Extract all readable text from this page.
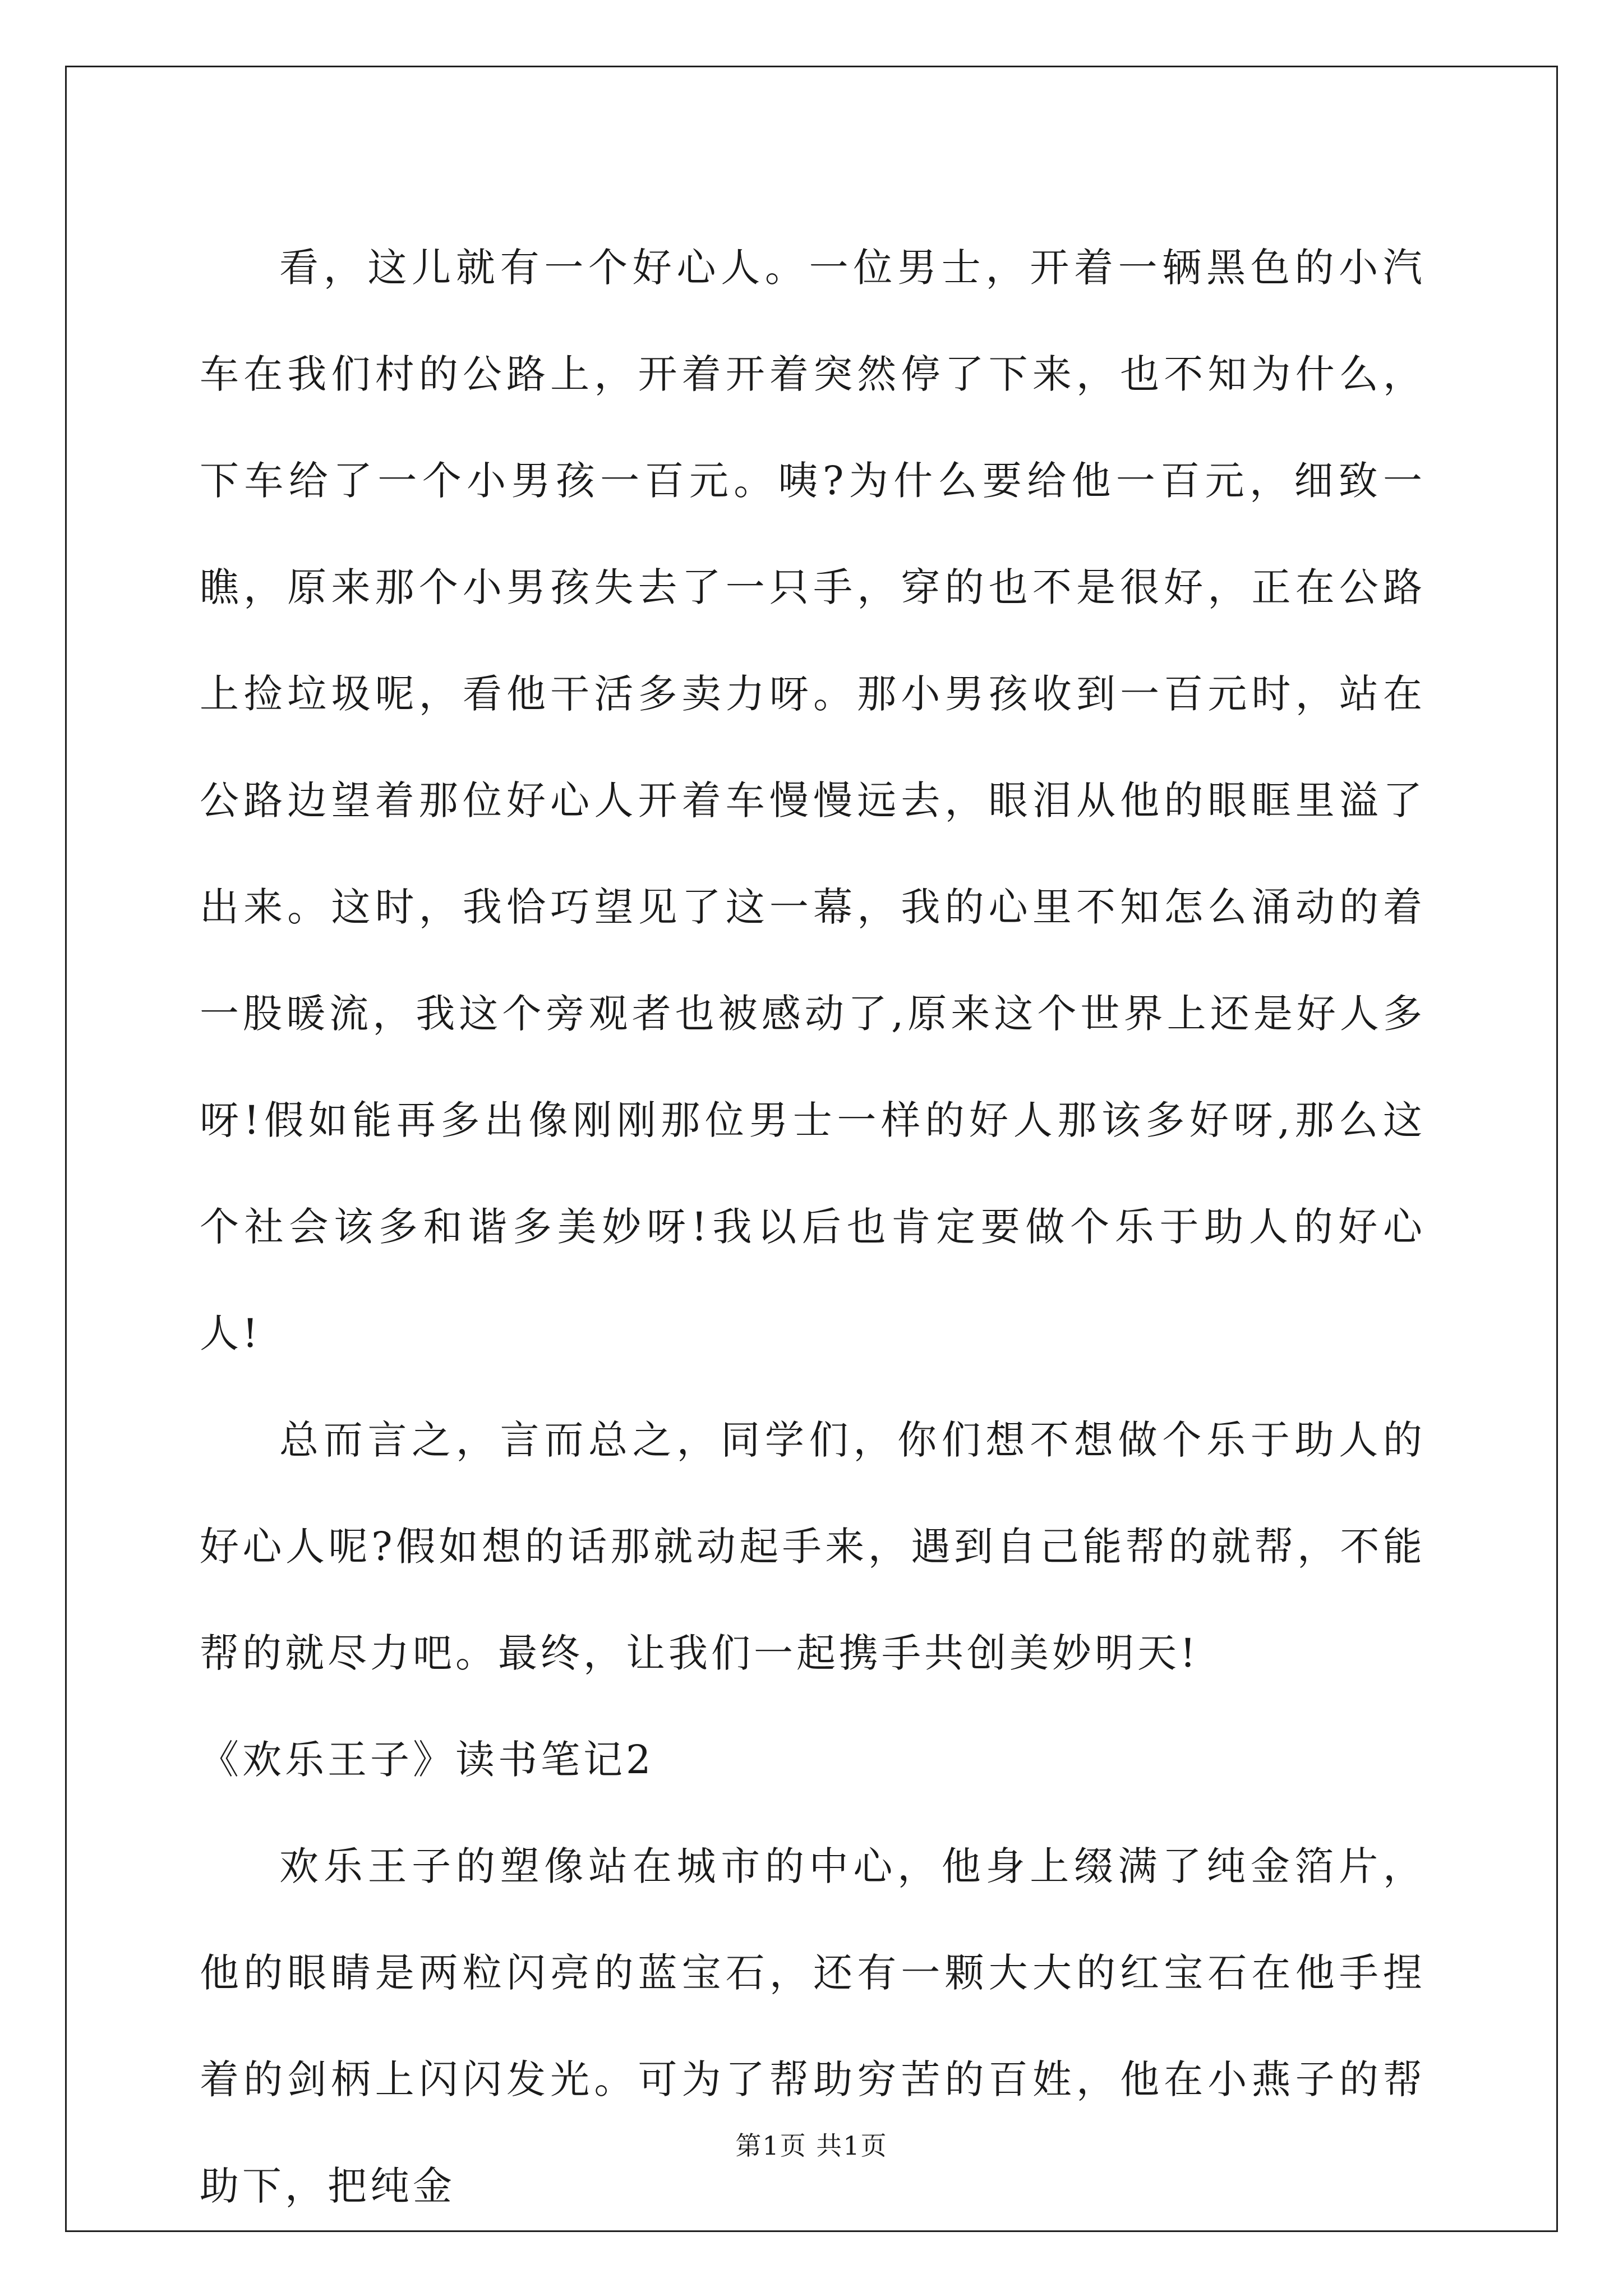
看，这儿就有一个好心人。一位男士，开着一辆黑色的小汽车在我们村的公路上，开着开着突然停了下来，也不知为什么，下车给了一个小男孩一百元。咦?为什么要给他一百元，细致一瞧，原来那个小男孩失去了一只手，穿的也不是很好，正在公路上捡垃圾呢，看他干活多卖力呀。那小男孩收到一百元时，站在公路边望着那位好心人开着车慢慢远去，眼泪从他的眼眶里溢了出来。这时，我恰巧望见了这一幕，我的心里不知怎么涌动的着一股暖流，我这个旁观者也被感动了,原来这个世界上还是好人多呀!假如能再多出像刚刚那位男士一样的好人那该多好呀,那么这个社会该多和谐多美妙呀!我以后也肯定要做个乐于助人的好心人!

总而言之，言而总之，同学们，你们想不想做个乐于助人的好心人呢?假如想的话那就动起手来，遇到自己能帮的就帮，不能帮的就尽力吧。最终，让我们一起携手共创美妙明天!

《欢乐王子》读书笔记2

欢乐王子的塑像站在城市的中心，他身上缀满了纯金箔片，他的眼睛是两粒闪亮的蓝宝石，还有一颗大大的红宝石在他手捏着的剑柄上闪闪发光。可为了帮助穷苦的百姓，他在小燕子的帮助下，把纯金

第1页 共1页
